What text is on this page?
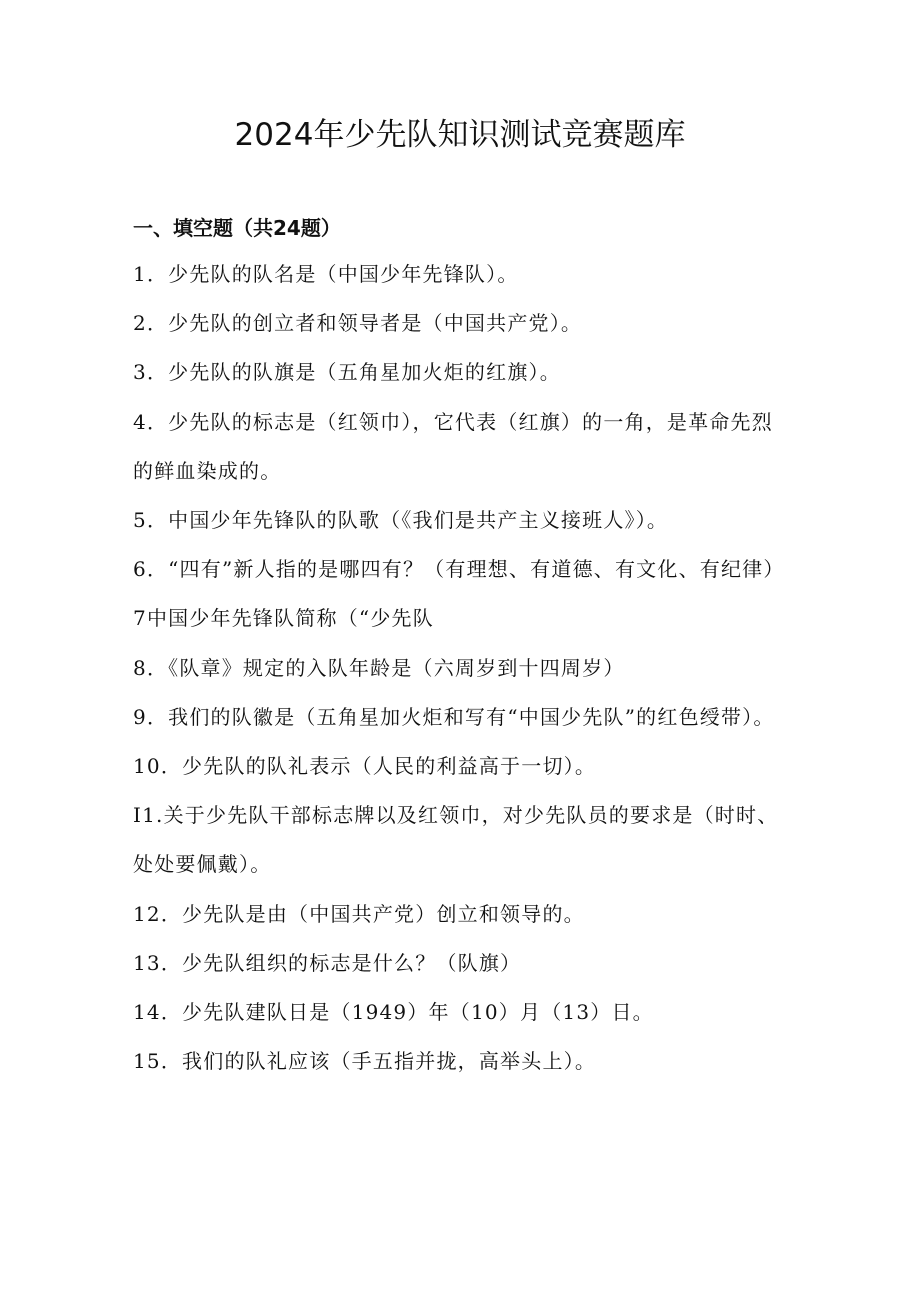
2024年少先队知识测试竞赛题库
一、填空题（共24题）
1．少先队的队名是（中国少年先锋队）。
2．少先队的创立者和领导者是（中国共产党）。
3．少先队的队旗是（五角星加火炬的红旗）。
4．少先队的标志是（红领巾），它代表（红旗）的一角，是革命先烈的鲜血染成的。
5．中国少年先锋队的队歌（《我们是共产主义接班人》）。
6．“四有”新人指的是哪四有？（有理想、有道德、有文化、有纪律）
7中国少年先锋队简称（“少先队
8．《队章》规定的入队年龄是（六周岁到十四周岁）
9．我们的队徽是（五角星加火炬和写有“中国少先队”的红色绶带）。
10．少先队的队礼表示（人民的利益高于一切）。
I1.关于少先队干部标志牌以及红领巾，对少先队员的要求是（时时、处处要佩戴）。
12．少先队是由（中国共产党）创立和领导的。
13．少先队组织的标志是什么？（队旗）
14．少先队建队日是（1949）年（10）月（13）日。
15．我们的队礼应该（手五指并拢，高举头上）。
